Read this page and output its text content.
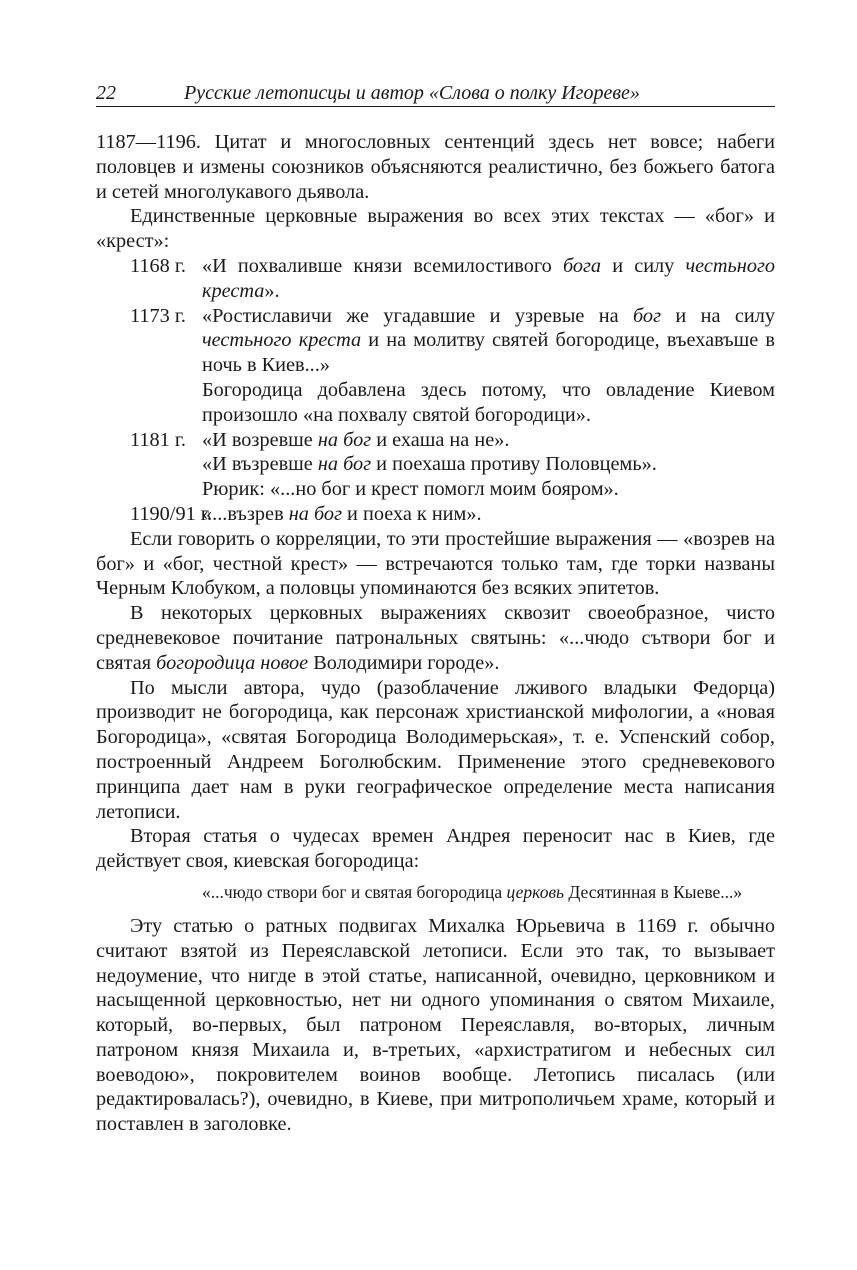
22	Русские летописцы и автор «Слова о полку Игореве»

1187—1196. Цитат и многословных сентенций здесь нет вовсе; набеги половцев и измены союзников объясняются реалистично, без божьего батога и сетей многолукавого дьявола.

Единственные церковные выражения во всех этих текстах — «бог» и «крест»:

1168 г. «И похваливше князи всемилостивого бога и силу честьного креста».
1173 г. «Ростиславичи же угадавшие и узревые на бог и на силу честьного креста и на молитву святей богородице, въехавъше в ночь в Киев...»
Богородица добавлена здесь потому, что овладение Киевом произошло «на похвалу святой богородици».
1181 г. «И возревше на бог и ехаша на не».
«И възревше на бог и поехаша противу Половцемь».
Рюрик: «...но бог и крест помогл моим бояром».
1190/91 г.
«...възрев на бог и поеха к ним».

Если говорить о корреляции, то эти простейшие выражения — «возрев на бог» и «бог, честной крест» — встречаются только там, где торки названы Черным Клобуком, а половцы упоминаются без всяких эпитетов.

В некоторых церковных выражениях сквозит своеобразное, чисто средневековое почитание патрональных святынь: «...чюдо сътвори бог и святая богородица новое Володимири городе».

По мысли автора, чудо (разоблачение лживого владыки Федорца) производит не богородица, как персонаж христианской мифологии, а «новая Богородица», «святая Богородица Володимерьская», т. е. Успенский собор, построенный Андреем Боголюбским. Применение этого средневекового принципа дает нам в руки географическое определение места написания летописи.

Вторая статья о чудесах времен Андрея переносит нас в Киев, где действует своя, киевская богородица:

«...чюдо створи бог и святая богородица церковь Десятинная в Кыеве...»

Эту статью о ратных подвигах Михалка Юрьевича в 1169 г. обычно считают взятой из Переяславской летописи. Если это так, то вызывает недоумение, что нигде в этой статье, написанной, очевидно, церковником и насыщенной церковностью, нет ни одного упоминания о святом Михаиле, который, во-первых, был патроном Переяславля, во-вторых, личным патроном князя Михаила и, в-третьих, «архистратигом и небесных сил воеводою», покровителем воинов вообще. Летопись писалась (или редактировалась?), очевидно, в Киеве, при митрополичьем храме, который и поставлен в заголовке.
